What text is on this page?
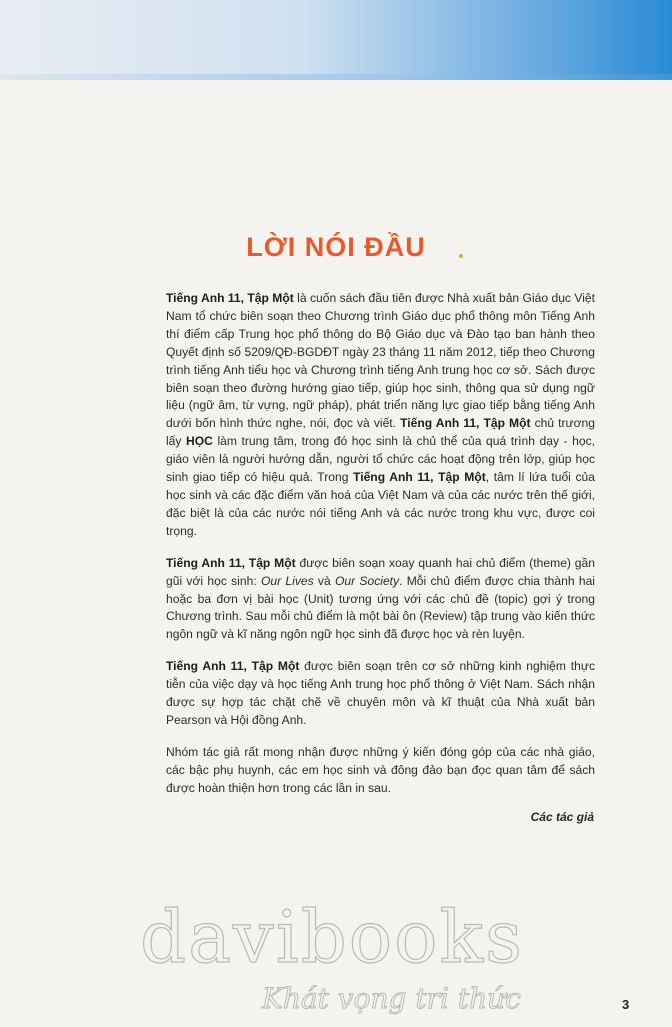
LỜI NÓI ĐẦU

Tiếng Anh 11, Tập Một là cuốn sách đầu tiên được Nhà xuất bản Giáo dục Việt Nam tổ chức biên soạn theo Chương trình Giáo dục phổ thông môn Tiếng Anh thí điểm cấp Trung học phổ thông do Bộ Giáo dục và Đào tạo ban hành theo Quyết định số 5209/QĐ-BGDĐT ngày 23 tháng 11 năm 2012, tiếp theo Chương trình tiếng Anh tiểu học và Chương trình tiếng Anh trung học cơ sở. Sách được biên soạn theo đường hướng giao tiếp, giúp học sinh, thông qua sử dụng ngữ liệu (ngữ âm, từ vựng, ngữ pháp), phát triển năng lực giao tiếp bằng tiếng Anh dưới bốn hình thức nghe, nói, đọc và viết. Tiếng Anh 11, Tập Một chủ trương lấy HỌC làm trung tâm, trong đó học sinh là chủ thể của quá trình dạy - học, giáo viên là người hướng dẫn, người tổ chức các hoạt động trên lớp, giúp học sinh giao tiếp có hiệu quả. Trong Tiếng Anh 11, Tập Một, tâm lí lứa tuổi của học sinh và các đặc điểm văn hoá của Việt Nam và của các nước trên thế giới, đặc biệt là của các nước nói tiếng Anh và các nước trong khu vực, được coi trọng.

Tiếng Anh 11, Tập Một được biên soạn xoay quanh hai chủ điểm (theme) gần gũi với học sinh: Our Lives và Our Society. Mỗi chủ điểm được chia thành hai hoặc ba đơn vị bài học (Unit) tương ứng với các chủ đề (topic) gợi ý trong Chương trình. Sau mỗi chủ điểm là một bài ôn (Review) tập trung vào kiến thức ngôn ngữ và kĩ năng ngôn ngữ học sinh đã được học và rèn luyện.

Tiếng Anh 11, Tập Một được biên soạn trên cơ sở những kinh nghiệm thực tiễn của việc dạy và học tiếng Anh trung học phổ thông ở Việt Nam. Sách nhận được sự hợp tác chặt chẽ về chuyên môn và kĩ thuật của Nhà xuất bản Pearson và Hội đồng Anh.

Nhóm tác giả rất mong nhận được những ý kiến đóng góp của các nhà giáo, các bậc phụ huynh, các em học sinh và đông đảo bạn đọc quan tâm để sách được hoàn thiện hơn trong các lần in sau.

Các tác giả
davibooks
Khát vọng tri thức	3
